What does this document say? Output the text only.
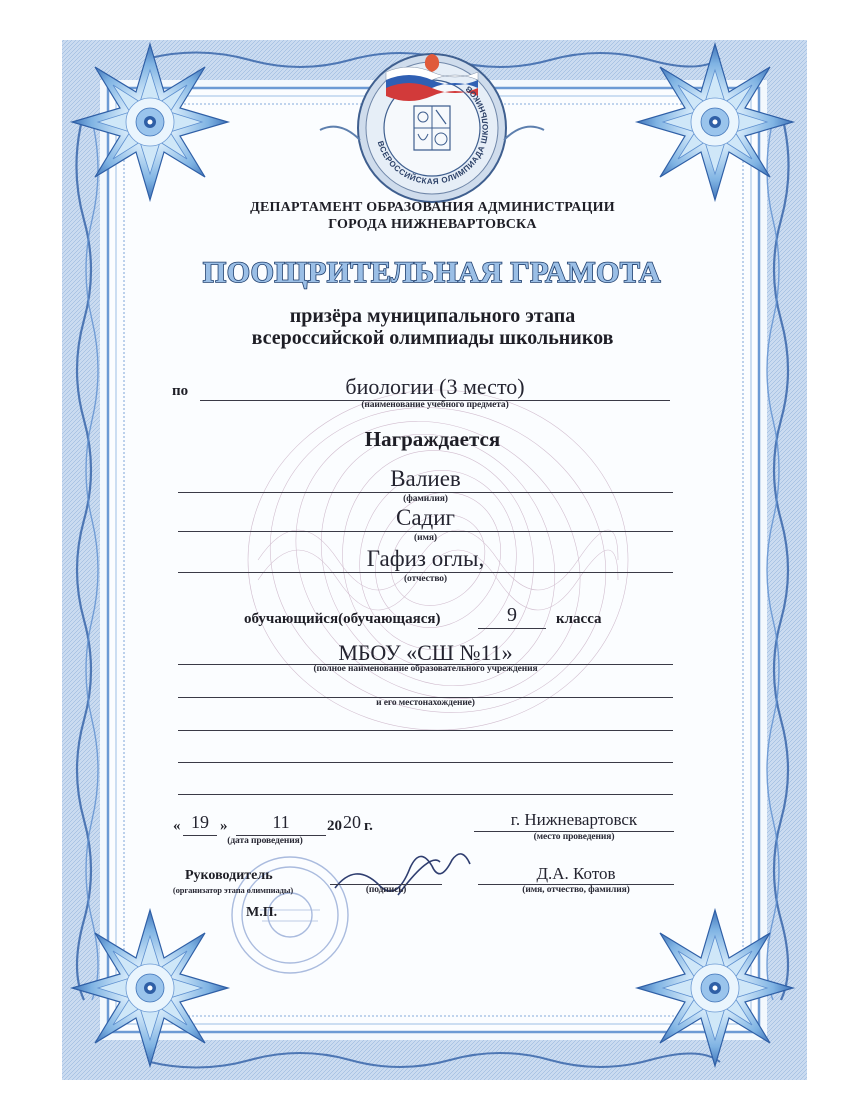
ВСЕРОССИЙСКАЯ ОЛИМПИАДА ШКОЛЬНИКОВ
ДЕПАРТАМЕНТ ОБРАЗОВАНИЯ АДМИНИСТРАЦИИ
ГОРОДА НИЖНЕВАРТОВСКА
ПООЩРИТЕЛЬНАЯ ГРАМОТА
призёра муниципального этапа
всероссийской олимпиады школьников
по	биологии (3 место)
(наименование учебного предмета)
Награждается
Валиев
(фамилия)
Садиг
(имя)
Гафиз оглы,
(отчество)
обучающийся(обучающаяся)	9	класса
МБОУ «СШ №11»
(полное наименование образовательного учреждения
и его местонахождение)
« 19 »	11	20 20 г.
(дата проведения)
г. Нижневартовск
(место проведения)
Руководитель
(организатор этапа олимпиады)	(подпись)
Д.А. Котов
(имя, отчество, фамилия)
М.П.
